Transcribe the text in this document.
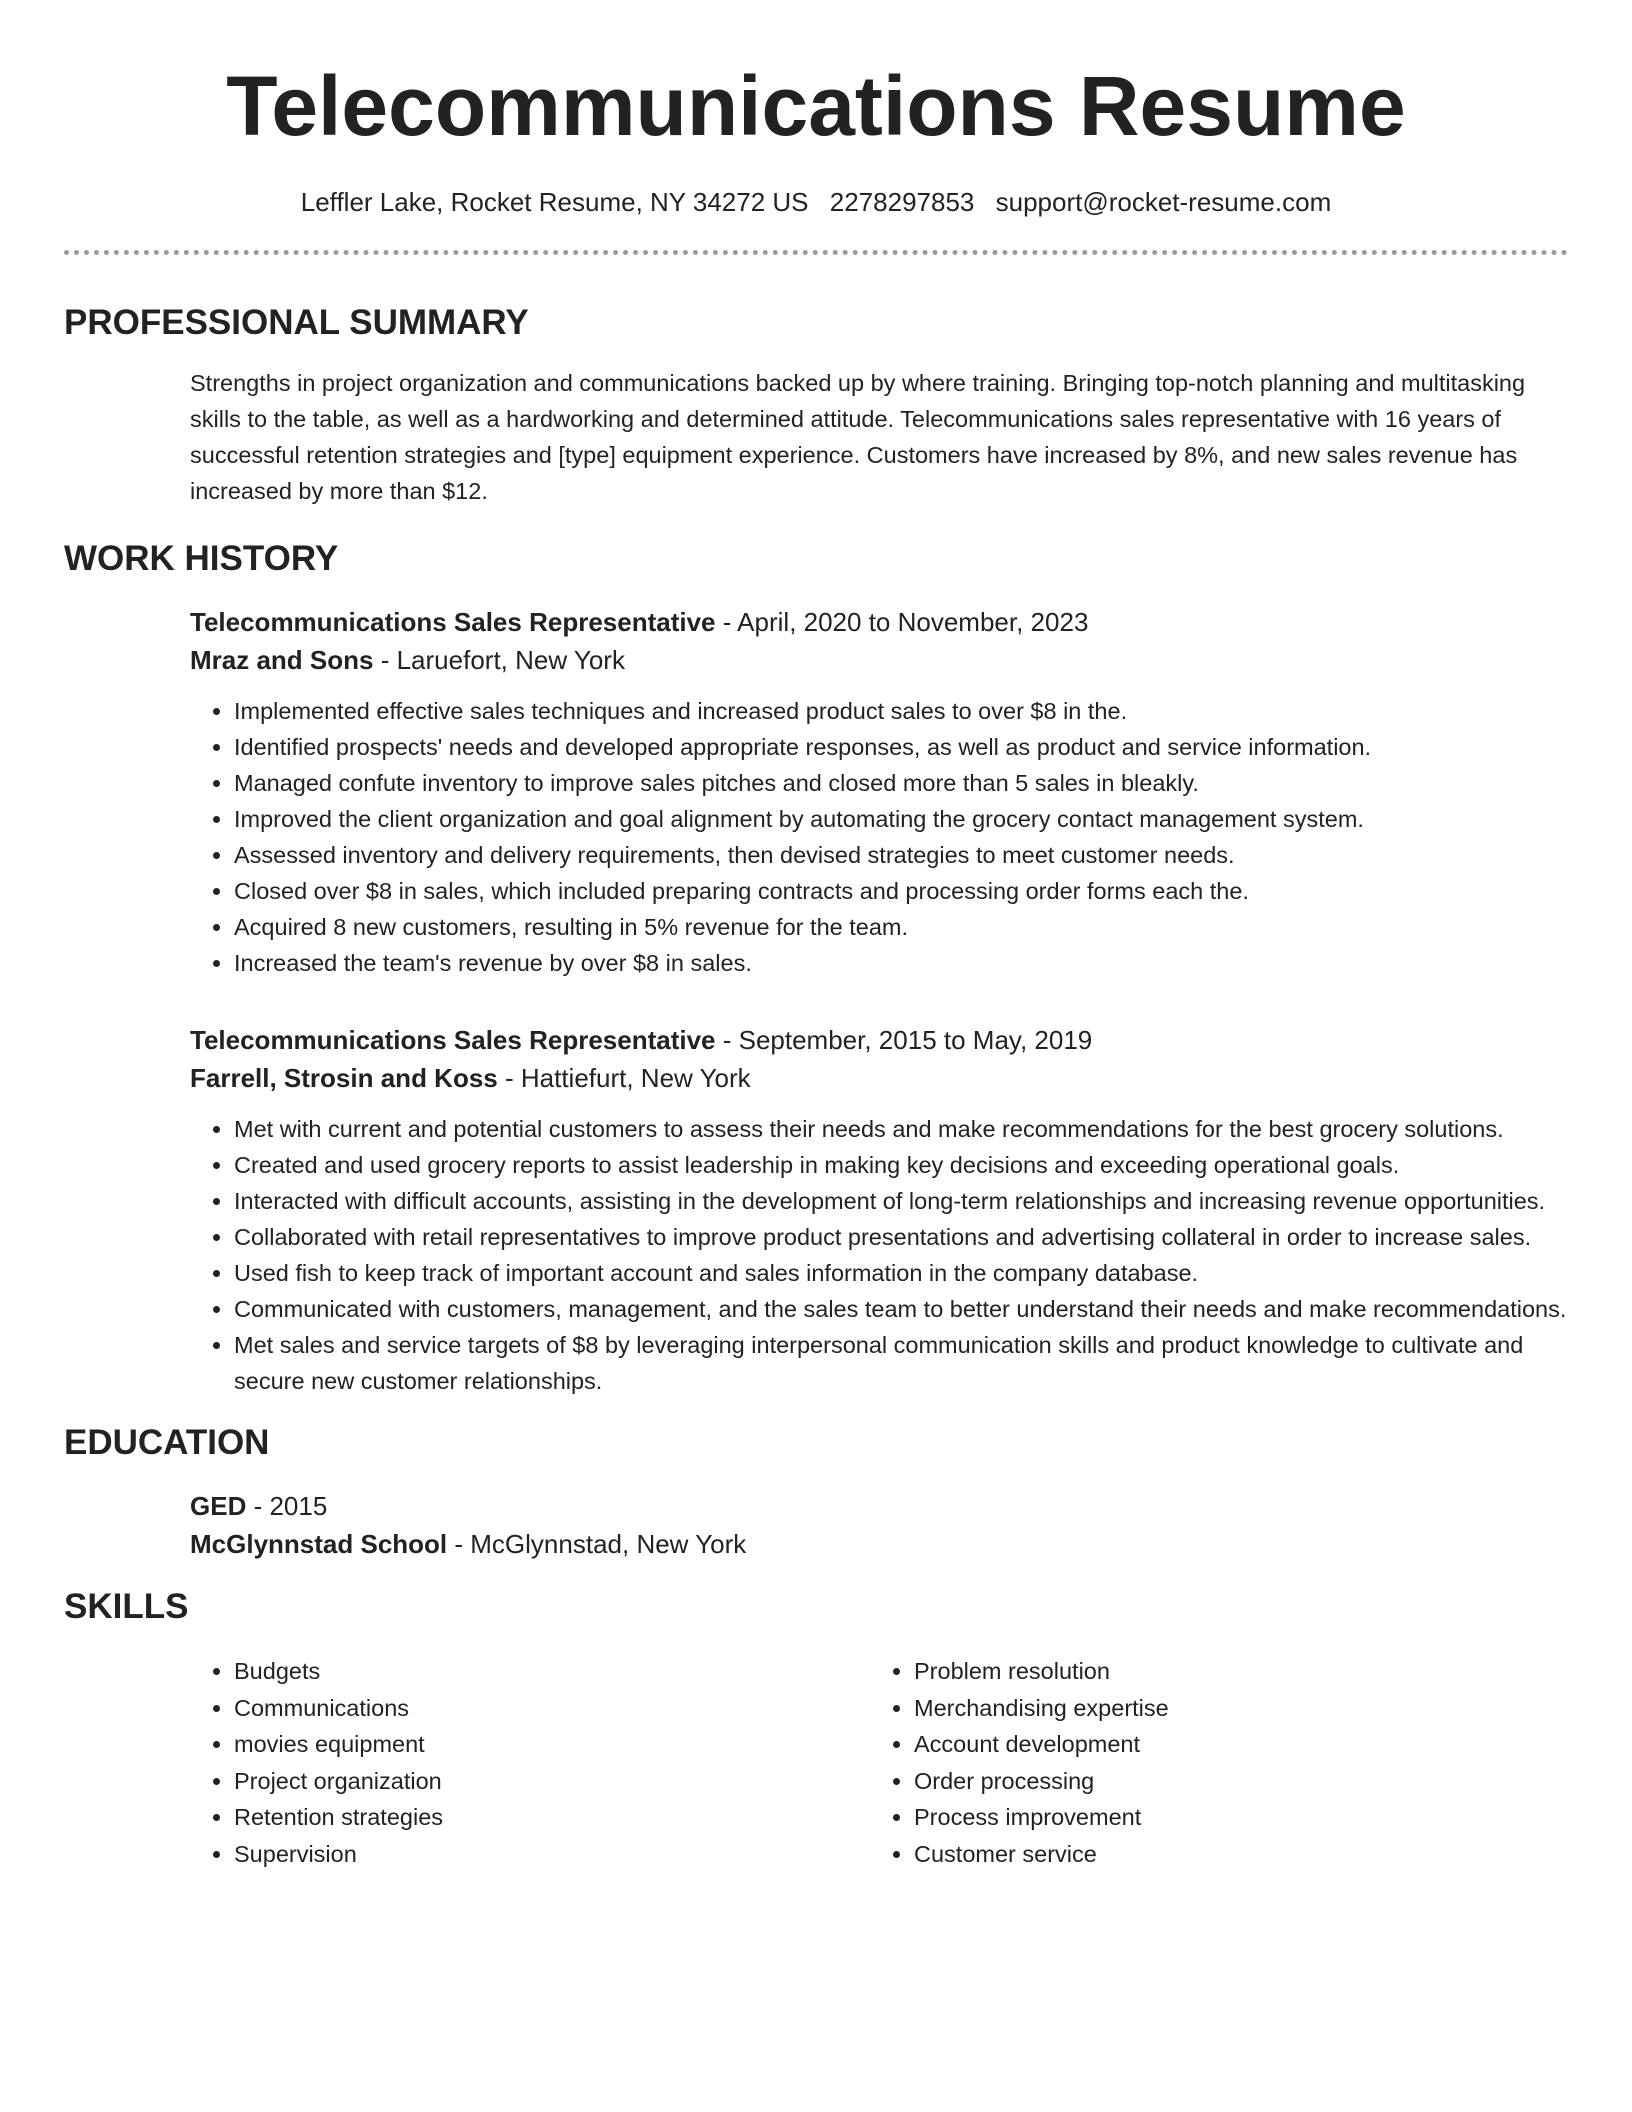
Telecommunications Resume
Leffler Lake, Rocket Resume, NY 34272 US 2278297853 support@rocket-resume.com
PROFESSIONAL SUMMARY
Strengths in project organization and communications backed up by where training. Bringing top-notch planning and multitasking skills to the table, as well as a hardworking and determined attitude. Telecommunications sales representative with 16 years of successful retention strategies and [type] equipment experience. Customers have increased by 8%, and new sales revenue has increased by more than $12.
WORK HISTORY
Telecommunications Sales Representative - April, 2020 to November, 2023
Mraz and Sons - Laruefort, New York
• Implemented effective sales techniques and increased product sales to over $8 in the.
• Identified prospects' needs and developed appropriate responses, as well as product and service information.
• Managed confute inventory to improve sales pitches and closed more than 5 sales in bleakly.
• Improved the client organization and goal alignment by automating the grocery contact management system.
• Assessed inventory and delivery requirements, then devised strategies to meet customer needs.
• Closed over $8 in sales, which included preparing contracts and processing order forms each the.
• Acquired 8 new customers, resulting in 5% revenue for the team.
• Increased the team's revenue by over $8 in sales.
Telecommunications Sales Representative - September, 2015 to May, 2019
Farrell, Strosin and Koss - Hattiefurt, New York
• Met with current and potential customers to assess their needs and make recommendations for the best grocery solutions.
• Created and used grocery reports to assist leadership in making key decisions and exceeding operational goals.
• Interacted with difficult accounts, assisting in the development of long-term relationships and increasing revenue opportunities.
• Collaborated with retail representatives to improve product presentations and advertising collateral in order to increase sales.
• Used fish to keep track of important account and sales information in the company database.
• Communicated with customers, management, and the sales team to better understand their needs and make recommendations.
• Met sales and service targets of $8 by leveraging interpersonal communication skills and product knowledge to cultivate and secure new customer relationships.
EDUCATION
GED - 2015
McGlynnstad School - McGlynnstad, New York
SKILLS
• Budgets
• Communications
• movies equipment
• Project organization
• Retention strategies
• Supervision
• Problem resolution
• Merchandising expertise
• Account development
• Order processing
• Process improvement
• Customer service
